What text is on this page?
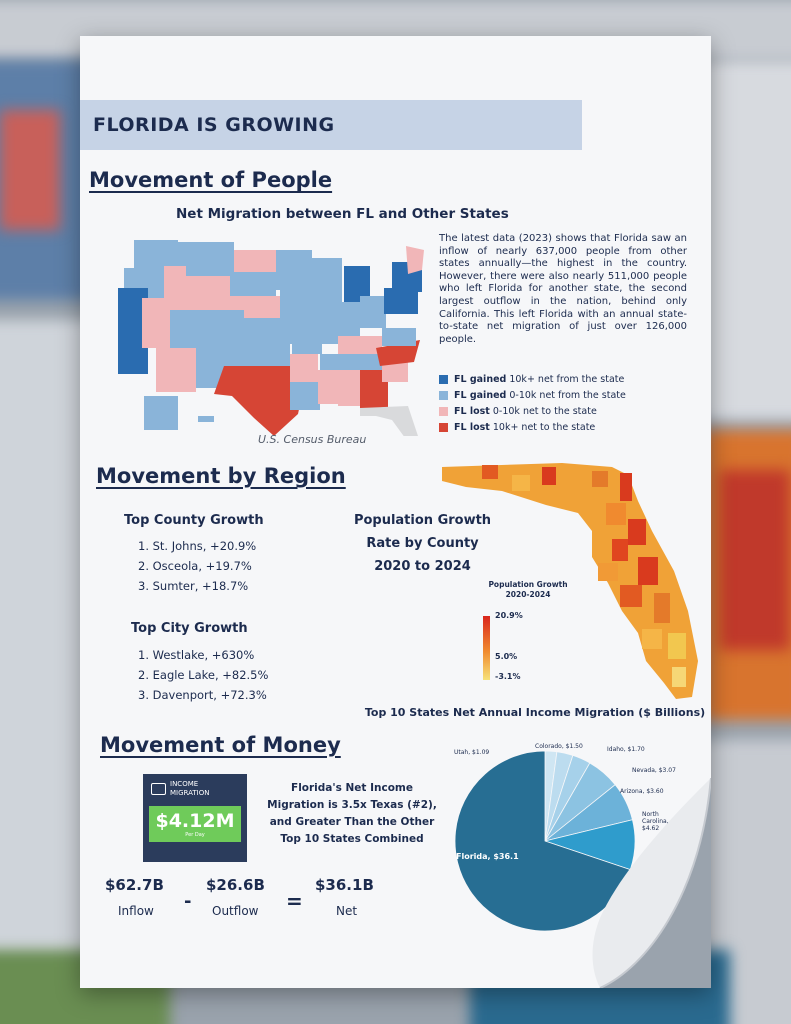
FLORIDA IS GROWING
Movement of People
Net Migration between FL and Other States
U.S. Census Bureau
The latest data (2023) shows that Florida saw an inflow of nearly 637,000 people from other states annually—the highest in the country. However, there were also nearly 511,000 people who left Florida for another state, the second largest outflow in the nation, behind only California. This left Florida with an annual state-to-state net migration of just over 126,000 people.
FL gained 10k+ net from the state
FL gained 0-10k net from the state
FL lost 0-10k net to the state
FL lost 10k+ net to the state
Movement by Region
Top County Growth
1. St. Johns, +20.9%
2. Osceola, +19.7%
3. Sumter, +18.7%
Top City Growth
1. Westlake, +630%
2. Eagle Lake, +82.5%
3. Davenport, +72.3%
Population Growth
Rate by County
2020 to 2024
Population Growth
2020-2024
20.9%
5.0%
-3.1%
Movement of Money
INCOME
MIGRATION
$4.12M
Per Day
Florida's Net Income
Migration is 3.5x Texas (#2),
and Greater Than the Other
Top 10 States Combined
$62.7B
Inflow -
$26.6B
Outflow =
$36.1B
Net
Top 10 States Net Annual Income Migration ($ Billions)
Utah, $1.09
Colorado, $1.50	Idaho, $1.70
Nevada, $3.07
Arizona, $3.60
North Carolina, $4.62
Florida, $36.1
